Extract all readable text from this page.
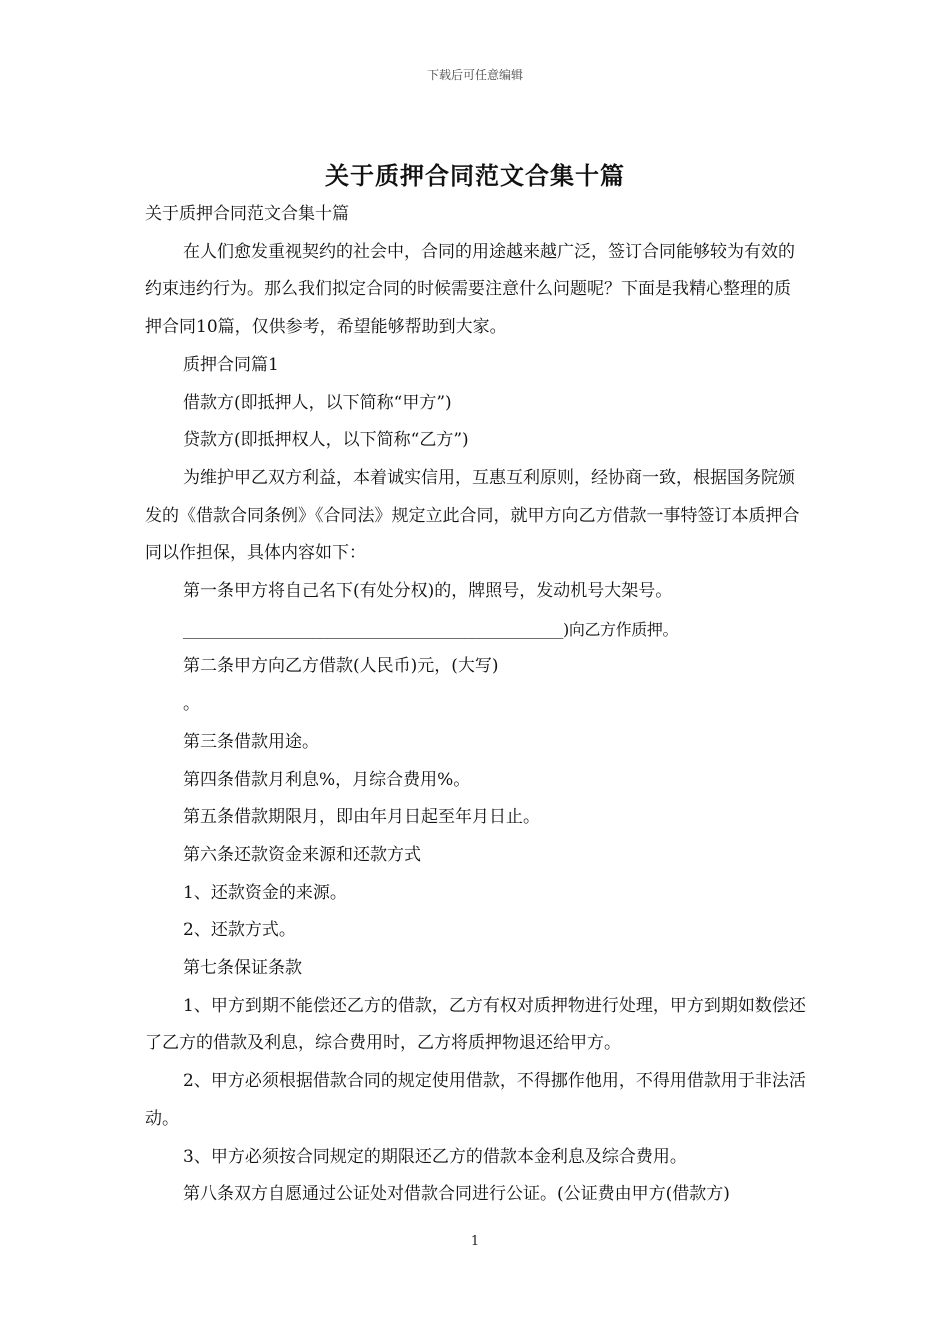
下载后可任意编辑
关于质押合同范文合集十篇

关于质押合同范文合集十篇

在人们愈发重视契约的社会中，合同的用途越来越广泛，签订合同能够较为有效的约束违约行为。那么我们拟定合同的时候需要注意什么问题呢？下面是我精心整理的质押合同10篇，仅供参考，希望能够帮助到大家。

质押合同篇1

借款方(即抵押人，以下简称“甲方”)

贷款方(即抵押权人，以下简称“乙方”)

为维护甲乙双方利益，本着诚实信用，互惠互利原则，经协商一致，根据国务院颁发的《借款合同条例》《合同法》规定立此合同，就甲方向乙方借款一事特签订本质押合同以作担保，具体内容如下：

第一条甲方将自己名下(有处分权)的，牌照号，发动机号大架号。

__________________________________________________)向乙方作质押。

第二条甲方向乙方借款(人民币)元，(大写)

。

第三条借款用途。

第四条借款月利息%，月综合费用%。

第五条借款期限月，即由年月日起至年月日止。

第六条还款资金来源和还款方式

1、还款资金的来源。

2、还款方式。

第七条保证条款

1、甲方到期不能偿还乙方的借款，乙方有权对质押物进行处理，甲方到期如数偿还了乙方的借款及利息，综合费用时，乙方将质押物退还给甲方。

2、甲方必须根据借款合同的规定使用借款，不得挪作他用，不得用借款用于非法活动。

3、甲方必须按合同规定的期限还乙方的借款本金利息及综合费用。

第八条双方自愿通过公证处对借款合同进行公证。(公证费由甲方(借款方)

1
